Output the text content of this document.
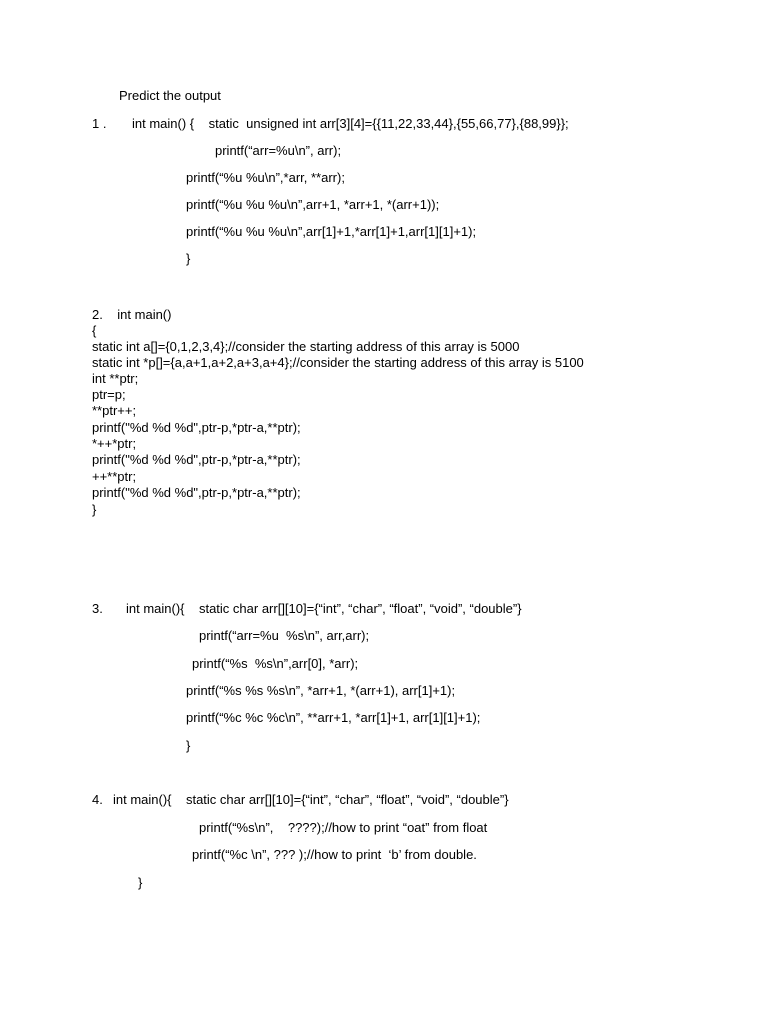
Predict the output
1 . int main() {    static  unsigned int arr[3][4]={{11,22,33,44},{55,66,77},{88,99}};
printf(“arr=%u\n”, arr);
printf(“%u %u\n”,*arr, **arr);
printf(“%u %u %u\n”,arr+1, *arr+1, *(arr+1));
printf(“%u %u %u\n”,arr[1]+1,*arr[1]+1,arr[1][1]+1);
}
2.    int main()
{
static int a[]={0,1,2,3,4};//consider the starting address of this array is 5000
static int *p[]={a,a+1,a+2,a+3,a+4};//consider the starting address of this array is 5100
int **ptr;
ptr=p;
**ptr++;
printf("%d %d %d",ptr-p,*ptr-a,**ptr);
*++*ptr;
printf("%d %d %d",ptr-p,*ptr-a,**ptr);
++**ptr;
printf("%d %d %d",ptr-p,*ptr-a,**ptr);
}
3. int main(){    static char arr[][10]={“int”, “char”, “float”, “void”, “double”}
printf(“arr=%u  %s\n”, arr,arr);
printf(“%s  %s\n”,arr[0], *arr);
printf(“%s %s %s\n”, *arr+1, *(arr+1), arr[1]+1);
printf(“%c %c %c\n”, **arr+1, *arr[1]+1, arr[1][1]+1);
}
4. int main(){    static char arr[][10]={“int”, “char”, “float”, “void”, “double”}
printf(“%s\n”,    ????);//how to print “oat” from float
printf(“%c \n”, ??? );//how to print  ‘b’ from double.
}
